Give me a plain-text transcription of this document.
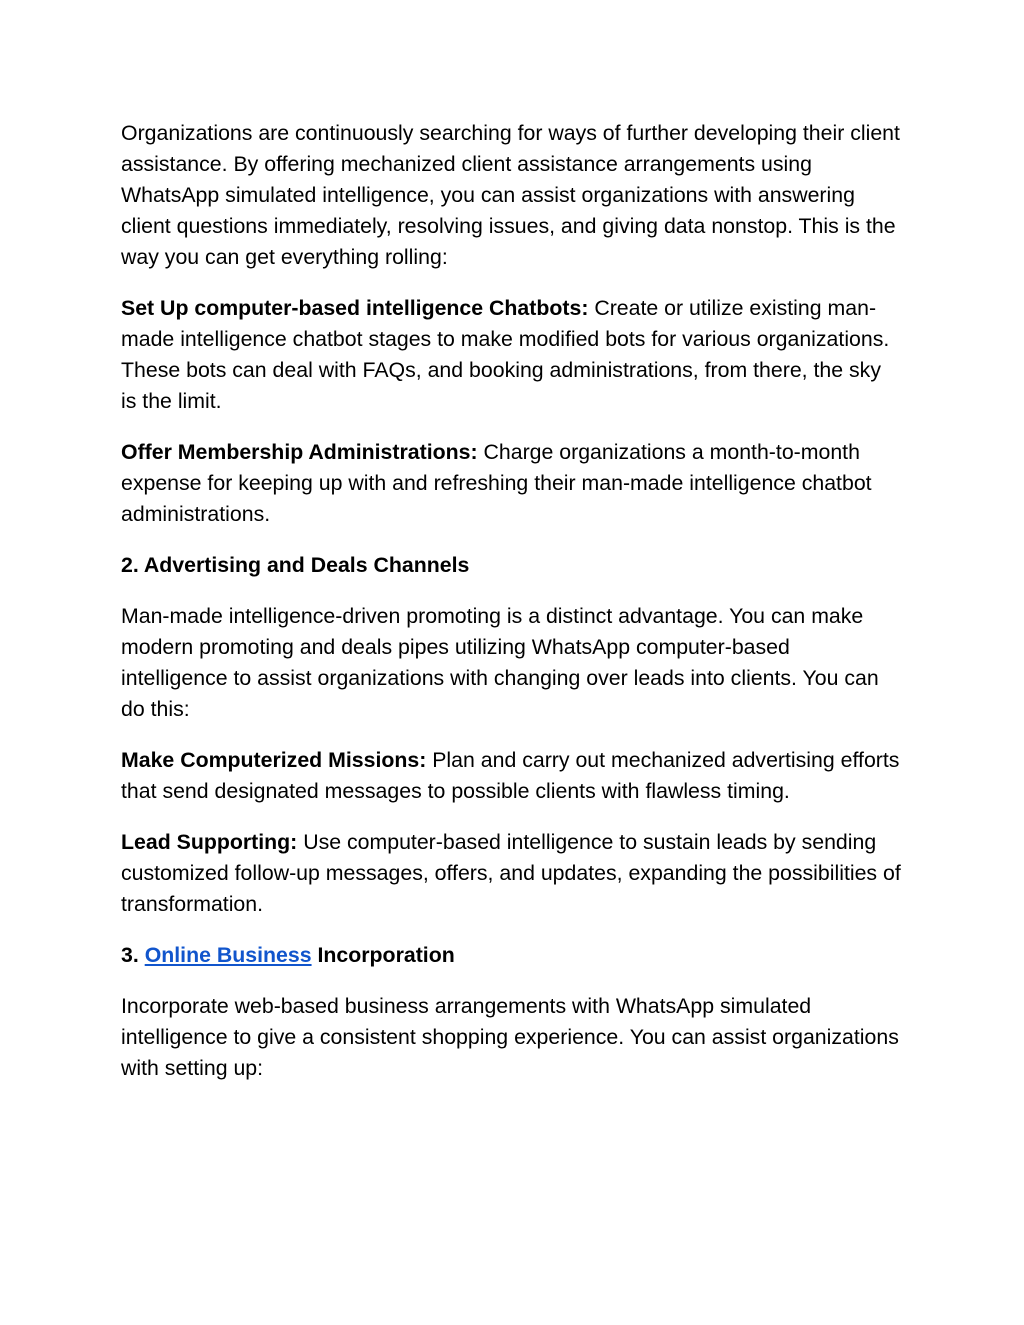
Organizations are continuously searching for ways of further developing their client assistance. By offering mechanized client assistance arrangements using WhatsApp simulated intelligence, you can assist organizations with answering client questions immediately, resolving issues, and giving data nonstop. This is the way you can get everything rolling:

Set Up computer-based intelligence Chatbots: Create or utilize existing man-made intelligence chatbot stages to make modified bots for various organizations. These bots can deal with FAQs, and booking administrations, from there, the sky is the limit.

Offer Membership Administrations: Charge organizations a month-to-month expense for keeping up with and refreshing their man-made intelligence chatbot administrations.

2. Advertising and Deals Channels

Man-made intelligence-driven promoting is a distinct advantage. You can make modern promoting and deals pipes utilizing WhatsApp computer-based intelligence to assist organizations with changing over leads into clients. You can do this:

Make Computerized Missions: Plan and carry out mechanized advertising efforts that send designated messages to possible clients with flawless timing.

Lead Supporting: Use computer-based intelligence to sustain leads by sending customized follow-up messages, offers, and updates, expanding the possibilities of transformation.

3. Online Business Incorporation

Incorporate web-based business arrangements with WhatsApp simulated intelligence to give a consistent shopping experience. You can assist organizations with setting up:
